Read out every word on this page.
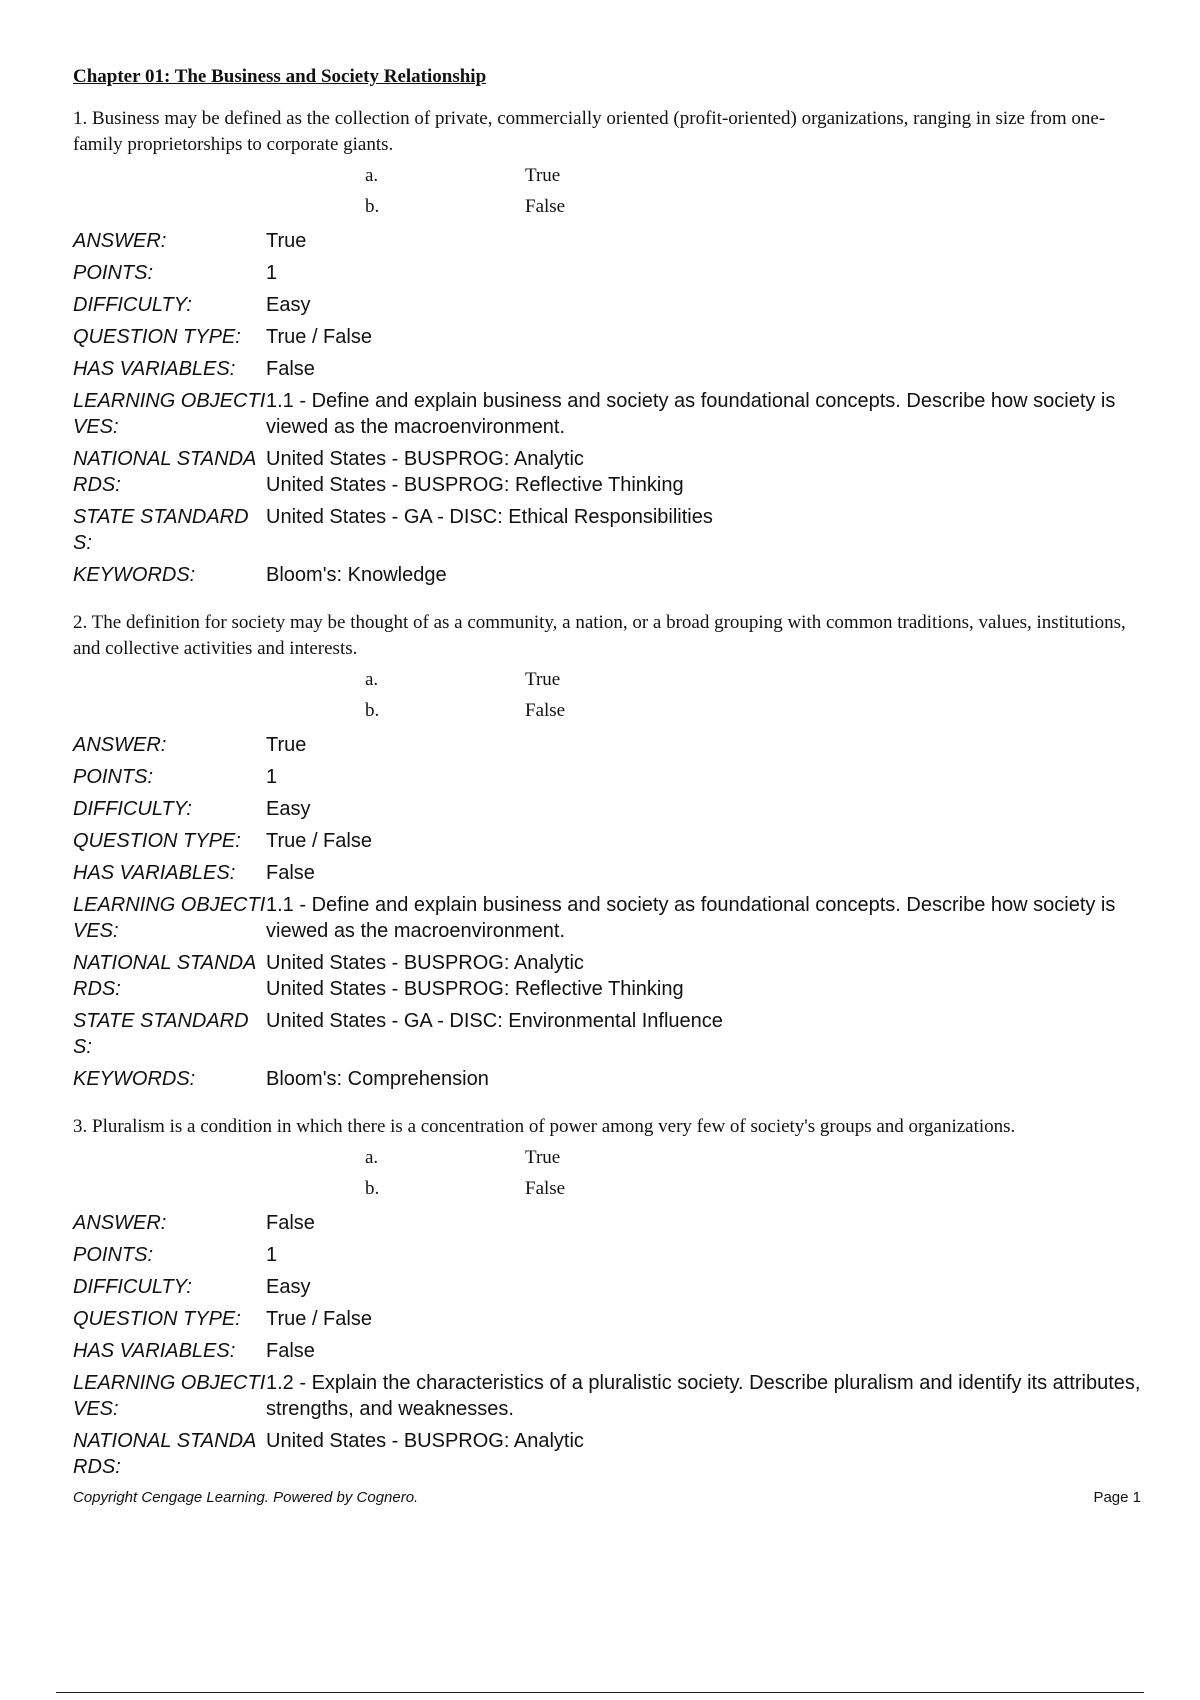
Chapter 01: The Business and Society Relationship

1. Business may be defined as the collection of private, commercially oriented (profit-oriented) organizations, ranging in size from one-family proprietorships to corporate giants.

a.	True
b.	False
ANSWER:	True
POINTS:	1
DIFFICULTY:	Easy
QUESTION TYPE:	True / False
HAS VARIABLES:	False
LEARNING OBJECTIVES:
1.1 - Define and explain business and society as foundational concepts. Describe how society is viewed as the macroenvironment.
NATIONAL STANDARDS:
United States - BUSPROG: Analytic
United States - BUSPROG: Reflective Thinking
STATE STANDARDS:
United States - GA - DISC: Ethical Responsibilities
KEYWORDS:	Bloom's: Knowledge

2. The definition for society may be thought of as a community, a nation, or a broad grouping with common traditions, values, institutions, and collective activities and interests.

a.	True
b.	False
ANSWER:	True
POINTS:	1
DIFFICULTY:	Easy
QUESTION TYPE:	True / False
HAS VARIABLES:	False
LEARNING OBJECTIVES:
1.1 - Define and explain business and society as foundational concepts. Describe how society is viewed as the macroenvironment.
NATIONAL STANDARDS:
United States - BUSPROG: Analytic
United States - BUSPROG: Reflective Thinking
STATE STANDARDS:
United States - GA - DISC: Environmental Influence
KEYWORDS:	Bloom's: Comprehension

3. Pluralism is a condition in which there is a concentration of power among very few of society's groups and organizations.

a.	True
b.	False
ANSWER:	False
POINTS:	1
DIFFICULTY:	Easy
QUESTION TYPE:	True / False
HAS VARIABLES:	False
LEARNING OBJECTIVES:
1.2 - Explain the characteristics of a pluralistic society. Describe pluralism and identify its attributes, strengths, and weaknesses.
NATIONAL STANDARDS:
United States - BUSPROG: Analytic
Copyright Cengage Learning. Powered by Cognero.	Page 1
